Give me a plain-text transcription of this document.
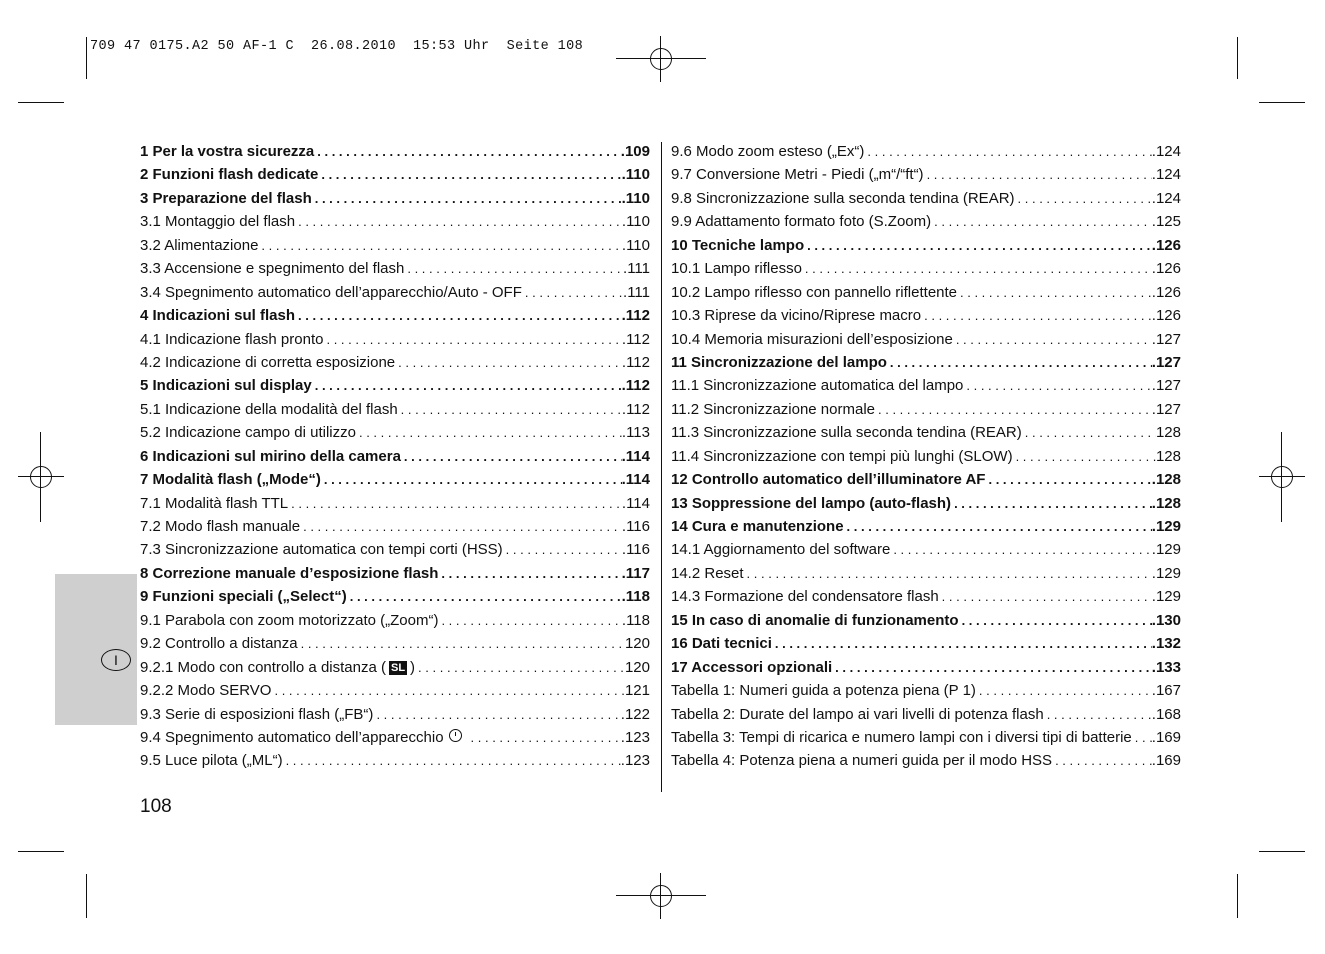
709 47 0175.A2 50 AF-1 C  26.08.2010  15:53 Uhr  Seite 108
I
1 Per la vostra sicurezza . . .	.109
2 Funzioni flash dedicate . . .	.110
3 Preparazione del flash . . .	.110
3.1 Montaggio del flash . . .	.110
3.2 Alimentazione . . .	.110
3.3 Accensione e spegnimento del flash . . .	.111
3.4 Spegnimento automatico dell’apparecchio/Auto - OFF . . .	.111
4 Indicazioni sul flash . . .	.112
4.1 Indicazione flash pronto . . .	.112
4.2 Indicazione di corretta esposizione . . .	.112
5 Indicazioni sul display . . .	.112
5.1 Indicazione della modalità del flash . . .	.112
5.2 Indicazione campo di utilizzo . . .	.113
6 Indicazioni sul mirino della camera . . .	.114
7 Modalità flash („Mode“) . . .	.114
7.1 Modalità flash TTL . . .	.114
7.2 Modo flash manuale . . .	.116
7.3 Sincronizzazione automatica con tempi corti (HSS) . . .	.116
8 Correzione manuale d’esposizione flash . . .	.117
9 Funzioni speciali („Select“) . . .	.118
9.1 Parabola con zoom motorizzato („Zoom“) . . .	.118
9.2 Controllo a distanza . . .	120
9.2.1 Modo con controllo a distanza ( SL ) . . .	120
9.2.2 Modo SERVO . . .	121
9.3 Serie di esposizioni flash („FB“) . . .	.122
9.4 Spegnimento automatico dell’apparecchio . . .	.123
9.5 Luce pilota („ML“) . . .	.123
9.6 Modo zoom esteso („Ex“) . . .	.124
9.7 Conversione Metri - Piedi („m“/“ft“) . . .	.124
9.8 Sincronizzazione sulla seconda tendina (REAR) . . .	.124
9.9 Adattamento formato foto (S.Zoom) . . .	.125
10 Tecniche lampo . . .	.126
10.1 Lampo riflesso . . .	.126
10.2 Lampo riflesso con pannello riflettente . . .	.126
10.3 Riprese da vicino/Riprese macro . . .	.126
10.4 Memoria misurazioni dell’esposizione . . .	.127
11 Sincronizzazione del lampo . . .	.127
11.1 Sincronizzazione automatica del lampo . . .	.127
11.2 Sincronizzazione normale . . .	.127
11.3 Sincronizzazione sulla seconda tendina (REAR) . . .	128
11.4 Sincronizzazione con tempi più lunghi (SLOW) . . .	128
12 Controllo automatico dell’illuminatore AF . . .	.128
13 Soppressione del lampo (auto-flash) . . .	.128
14 Cura e manutenzione . . .	.129
14.1 Aggiornamento del software . . .	.129
14.2 Reset . . .	.129
14.3 Formazione del condensatore flash . . .	.129
15 In caso di anomalie di funzionamento . . .	.130
16 Dati tecnici . . .	.132
17 Accessori opzionali . . .	.133
Tabella 1: Numeri guida a potenza piena (P 1) . . .	.167
Tabella 2: Durate del lampo ai vari livelli di potenza flash . . .	.168
Tabella 3: Tempi di ricarica e numero lampi con i diversi tipi di batterie . . . .169
Tabella 4: Potenza piena a numeri guida per il modo HSS . . .	.169
108
